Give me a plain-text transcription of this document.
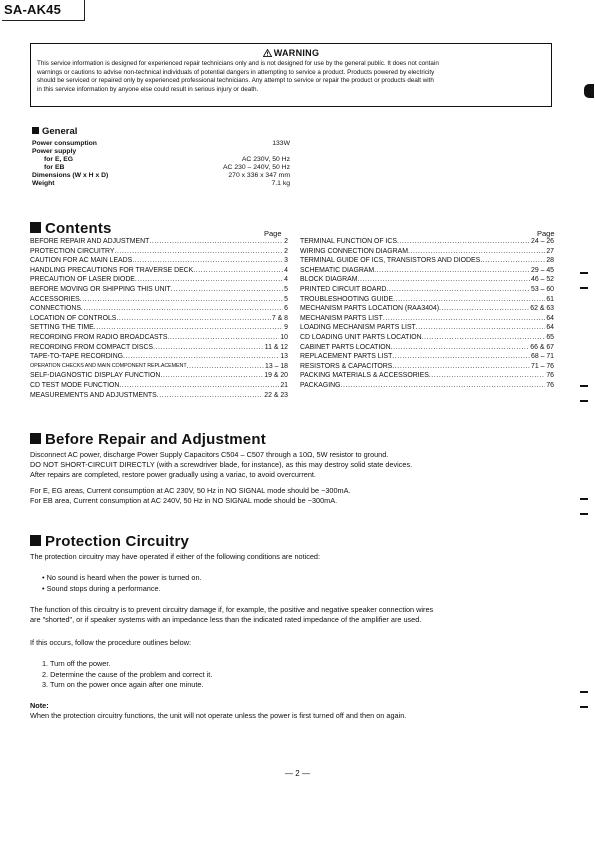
SA-AK45
WARNING
This service information is designed for experienced repair technicians only and is not designed for use by the general public. It does not contain
warnings or cautions to advise non-technical individuals of potential dangers in attempting to service a product. Products powered by electricity
should be serviced or repaired only by experienced professional technicians. Any attempt to service or repair the product or products dealt with
in this service information by anyone else could result in serious injury or death.
General
Power consumption	133W
Power supply
for E, EG	AC 230V, 50 Hz
for EB	AC 230 – 240V, 50 Hz
Dimensions (W x H x D)	270 x 336 x 347 mm
Weight	7.1 kg
Contents	Page	Page
BEFORE REPAIR AND ADJUSTMENT .....	2
PROTECTION CIRCUITRY .....	2
CAUTION FOR AC MAIN LEADS .....	3
HANDLING PRECAUTIONS FOR TRAVERSE DECK .....	4
PRECAUTION OF LASER DIODE .....	4
BEFORE MOVING OR SHIPPING THIS UNIT .....	5
ACCESSORIES .....	5
CONNECTIONS .....	6
LOCATION OF CONTROLS .....	7 & 8
SETTING THE TIME .....	9
RECORDING FROM RADIO BROADCASTS .....	10
RECORDING FROM COMPACT DISCS .....	11 & 12
TAPE-TO-TAPE RECORDING .....	13
OPERATION CHECKS AND MAIN COMPONENT REPLACEMENT .....	13 – 18
SELF-DIAGNOSTIC DISPLAY FUNCTION .....	19 & 20
CD TEST MODE FUNCTION .....	21
MEASUREMENTS AND ADJUSTMENTS .....	22 & 23
TERMINAL FUNCTION OF ICS .....	24 – 26
WIRING CONNECTION DIAGRAM .....	27
TERMINAL GUIDE OF ICS, TRANSISTORS AND DIODES .....	28
SCHEMATIC DIAGRAM .....	29 – 45
BLOCK DIAGRAM .....	46 – 52
PRINTED CIRCUIT BOARD .....	53 – 60
TROUBLESHOOTING GUIDE .....	61
MECHANISM PARTS LOCATION (RAA3404) .....	62 & 63
MECHANISM PARTS LIST .....	64
LOADING MECHANISM PARTS LIST .....	64
CD LOADING UNIT PARTS LOCATION .....	65
CABINET PARTS LOCATION .....	66 & 67
REPLACEMENT PARTS LIST .....	68 – 71
RESISTORS & CAPACITORS .....	71 – 76
PACKING MATERIALS & ACCESSORIES .....	76
PACKAGING .....	76
Before Repair and Adjustment
Disconnect AC power, discharge Power Supply Capacitors C504 – C507 through a 10Ω, 5W resistor to ground.
DO NOT SHORT-CIRCUIT DIRECTLY (with a screwdriver blade, for instance), as this may destroy solid state devices.
After repairs are completed, restore power gradually using a variac, to avoid overcurrent.
For E, EG areas, Current consumption at AC 230V, 50 Hz in NO SIGNAL mode should be ~300mA.
For EB area, Current consumption at AC 240V, 50 Hz in NO SIGNAL mode should be ~300mA.
Protection Circuitry
The protection circuitry may have operated if either of the following conditions are noticed:
• No sound is heard when the power is turned on.
• Sound stops during a performance.
The function of this circuitry is to prevent circuitry damage if, for example, the positive and negative speaker connection wires
are "shorted", or if speaker systems with an impedance less than the indicated rated impedance of the amplifier are used.
If this occurs, follow the procedure outlines below:
1. Turn off the power.
2. Determine the cause of the problem and correct it.
3. Turn on the power once again after one minute.
Note:
When the protection circuitry functions, the unit will not operate unless the power is first turned off and then on again.
— 2 —
